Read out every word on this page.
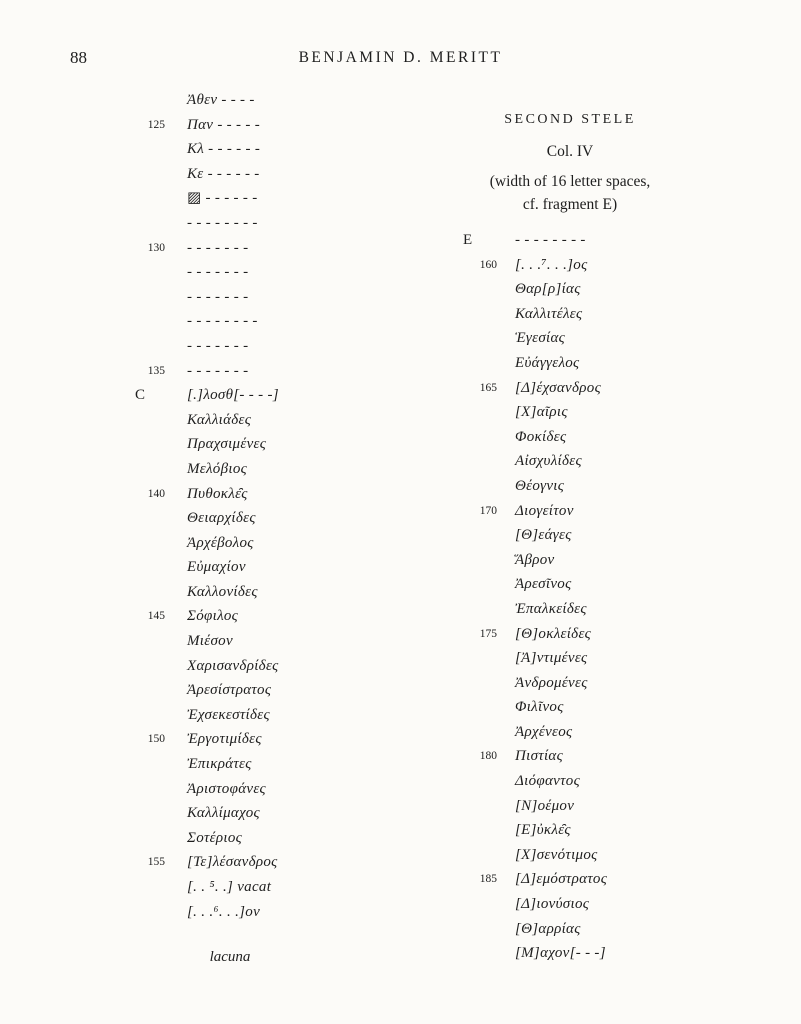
88	BENJAMIN D. MERITT
Ἀθεν - - - -
125	Παν - - - - -
Κλ - - - - - -
Κε - - - - - -
▨ - - - - - -
- - - - - - - -
130	- - - - - - -
- - - - - - -
- - - - - - -
- - - - - - - -
- - - - - - -
135	- - - - - - -
C	[.]λοσθ[- - - -]
Καλλιάδες
Πραχσιμένες
Μελόβιος
140	Πυθοκλε̑ς
Θειαρχίδες
Ἀρχέβολος
Εὐμαχίον
Καλλονίδες
145	Σόφιλος
Μιέσον
Χαρισανδρίδες
Ἀρεσίστρατος
Ἐχσεκεστίδες
150	Ἐργοτιμίδες
Ἐπικράτες
Ἀριστοφάνες
Καλλίμαχος
Σοτέριος
155	[Τε]λέσανδρος
[. . ⁵. .] vacat
[. . .⁶. . .]ον
lacuna
SECOND STELE
Col. IV
(width of 16 letter spaces,
cf. fragment E)
E	- - - - - - - -
160	[. . .⁷. . .]ος
Θαρ[ρ]ίας
Καλλιτέλες
Ἑγεσίας
Εὐάγγελος
165	[Δ]έχσανδρος
[Χ]αῖρις
Φοκίδες
Αἰσχυλίδες
Θέογνις
170	Διογείτον
[Θ]εάγες
Ἅβρον
Ἀρεσῖνος
Ἐπαλκείδες
175	[Θ]οκλείδες
[Ἀ]ντιμένες
Ἀνδρομένες
Φιλῖνος
Ἀρχένεος
180	Πιστίας
Διόφαντος
[Ν]οέμον
[Ε]ὐκλε̑ς
[Χ]σενότιμος
185	[Δ]εμόστρατος
[Δ]ιονύσιος
[Θ]αρρίας
[Μ]αχον[- - -]
